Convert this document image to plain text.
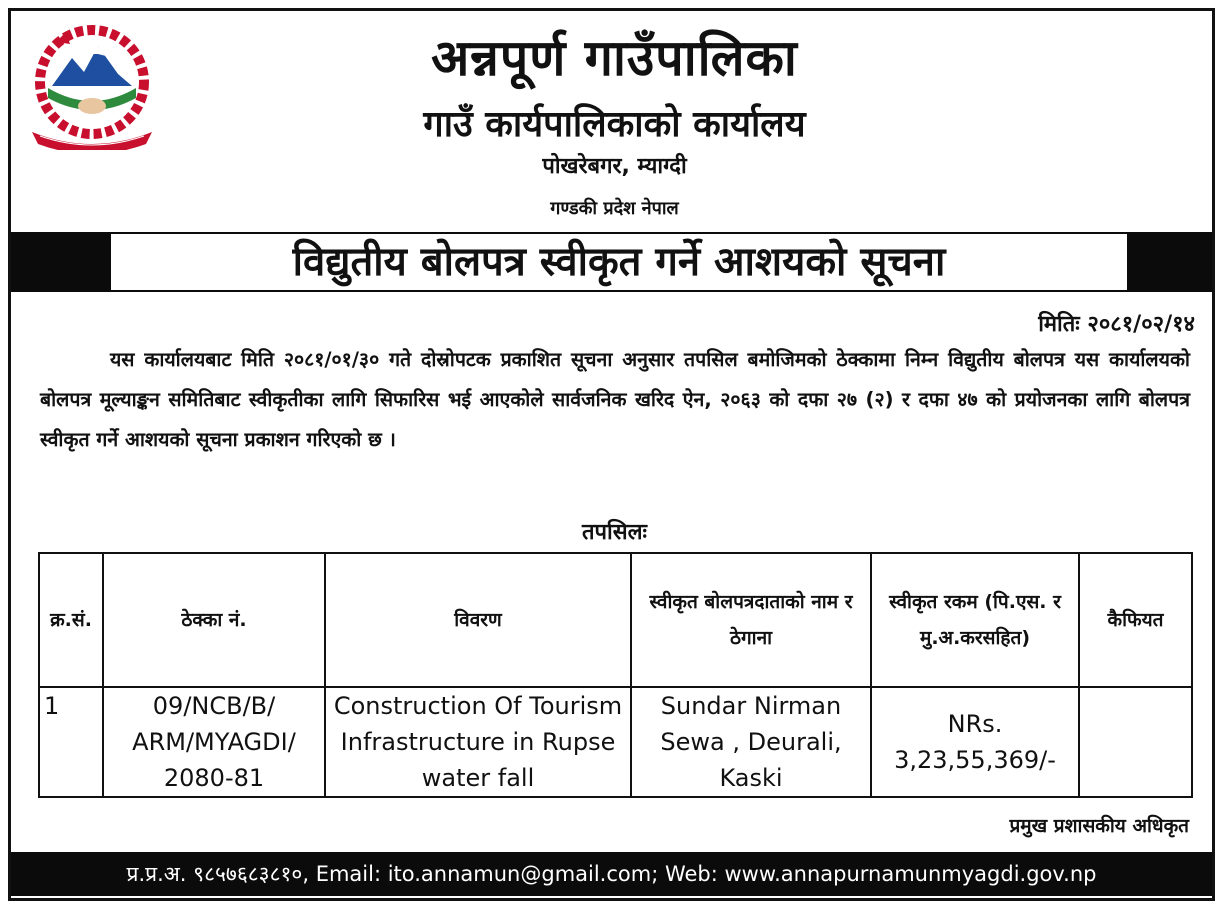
अन्नपूर्ण गाउँपालिका
गाउँ कार्यपालिकाको कार्यालय
पोखरेबगर, म्याग्दी
गण्डकी प्रदेश नेपाल
विद्युतीय बोलपत्र स्वीकृत गर्ने आशयको सूचना
मितिः २०८१/०२/१४
यस कार्यालयबाट मिति २०८१/०१/३० गते दोस्रोपटक प्रकाशित सूचना अनुसार तपसिल बमोजिमको ठेक्कामा निम्न विद्युतीय बोलपत्र यस कार्यालयको बोलपत्र मूल्याङ्कन समितिबाट स्वीकृतीका लागि सिफारिस भई आएकोले सार्वजनिक खरिद ऐन, २०६३ को दफा २७ (२) र दफा ४७ को प्रयोजनका लागि बोलपत्र स्वीकृत गर्ने आशयको सूचना प्रकाशन गरिएको छ ।
तपसिलः
क्र.सं.	ठेक्का नं.	विवरण	स्वीकृत बोलपत्रदाताको नाम र ठेगाना	स्वीकृत रकम (पि.एस. र मु.अ.करसहित)	कैफियत
1	09/NCB/B/ ARM/MYAGDI/ 2080-81	Construction Of Tourism Infrastructure in Rupse water fall	Sundar Nirman Sewa , Deurali, Kaski	NRs. 3,23,55,369/-	
प्रमुख प्रशासकीय अधिकृत
प्र.प्र.अ. ९८५७६८३८१०, Email: ito.annamun@gmail.com; Web: www.annapurnamunmyagdi.gov.np
